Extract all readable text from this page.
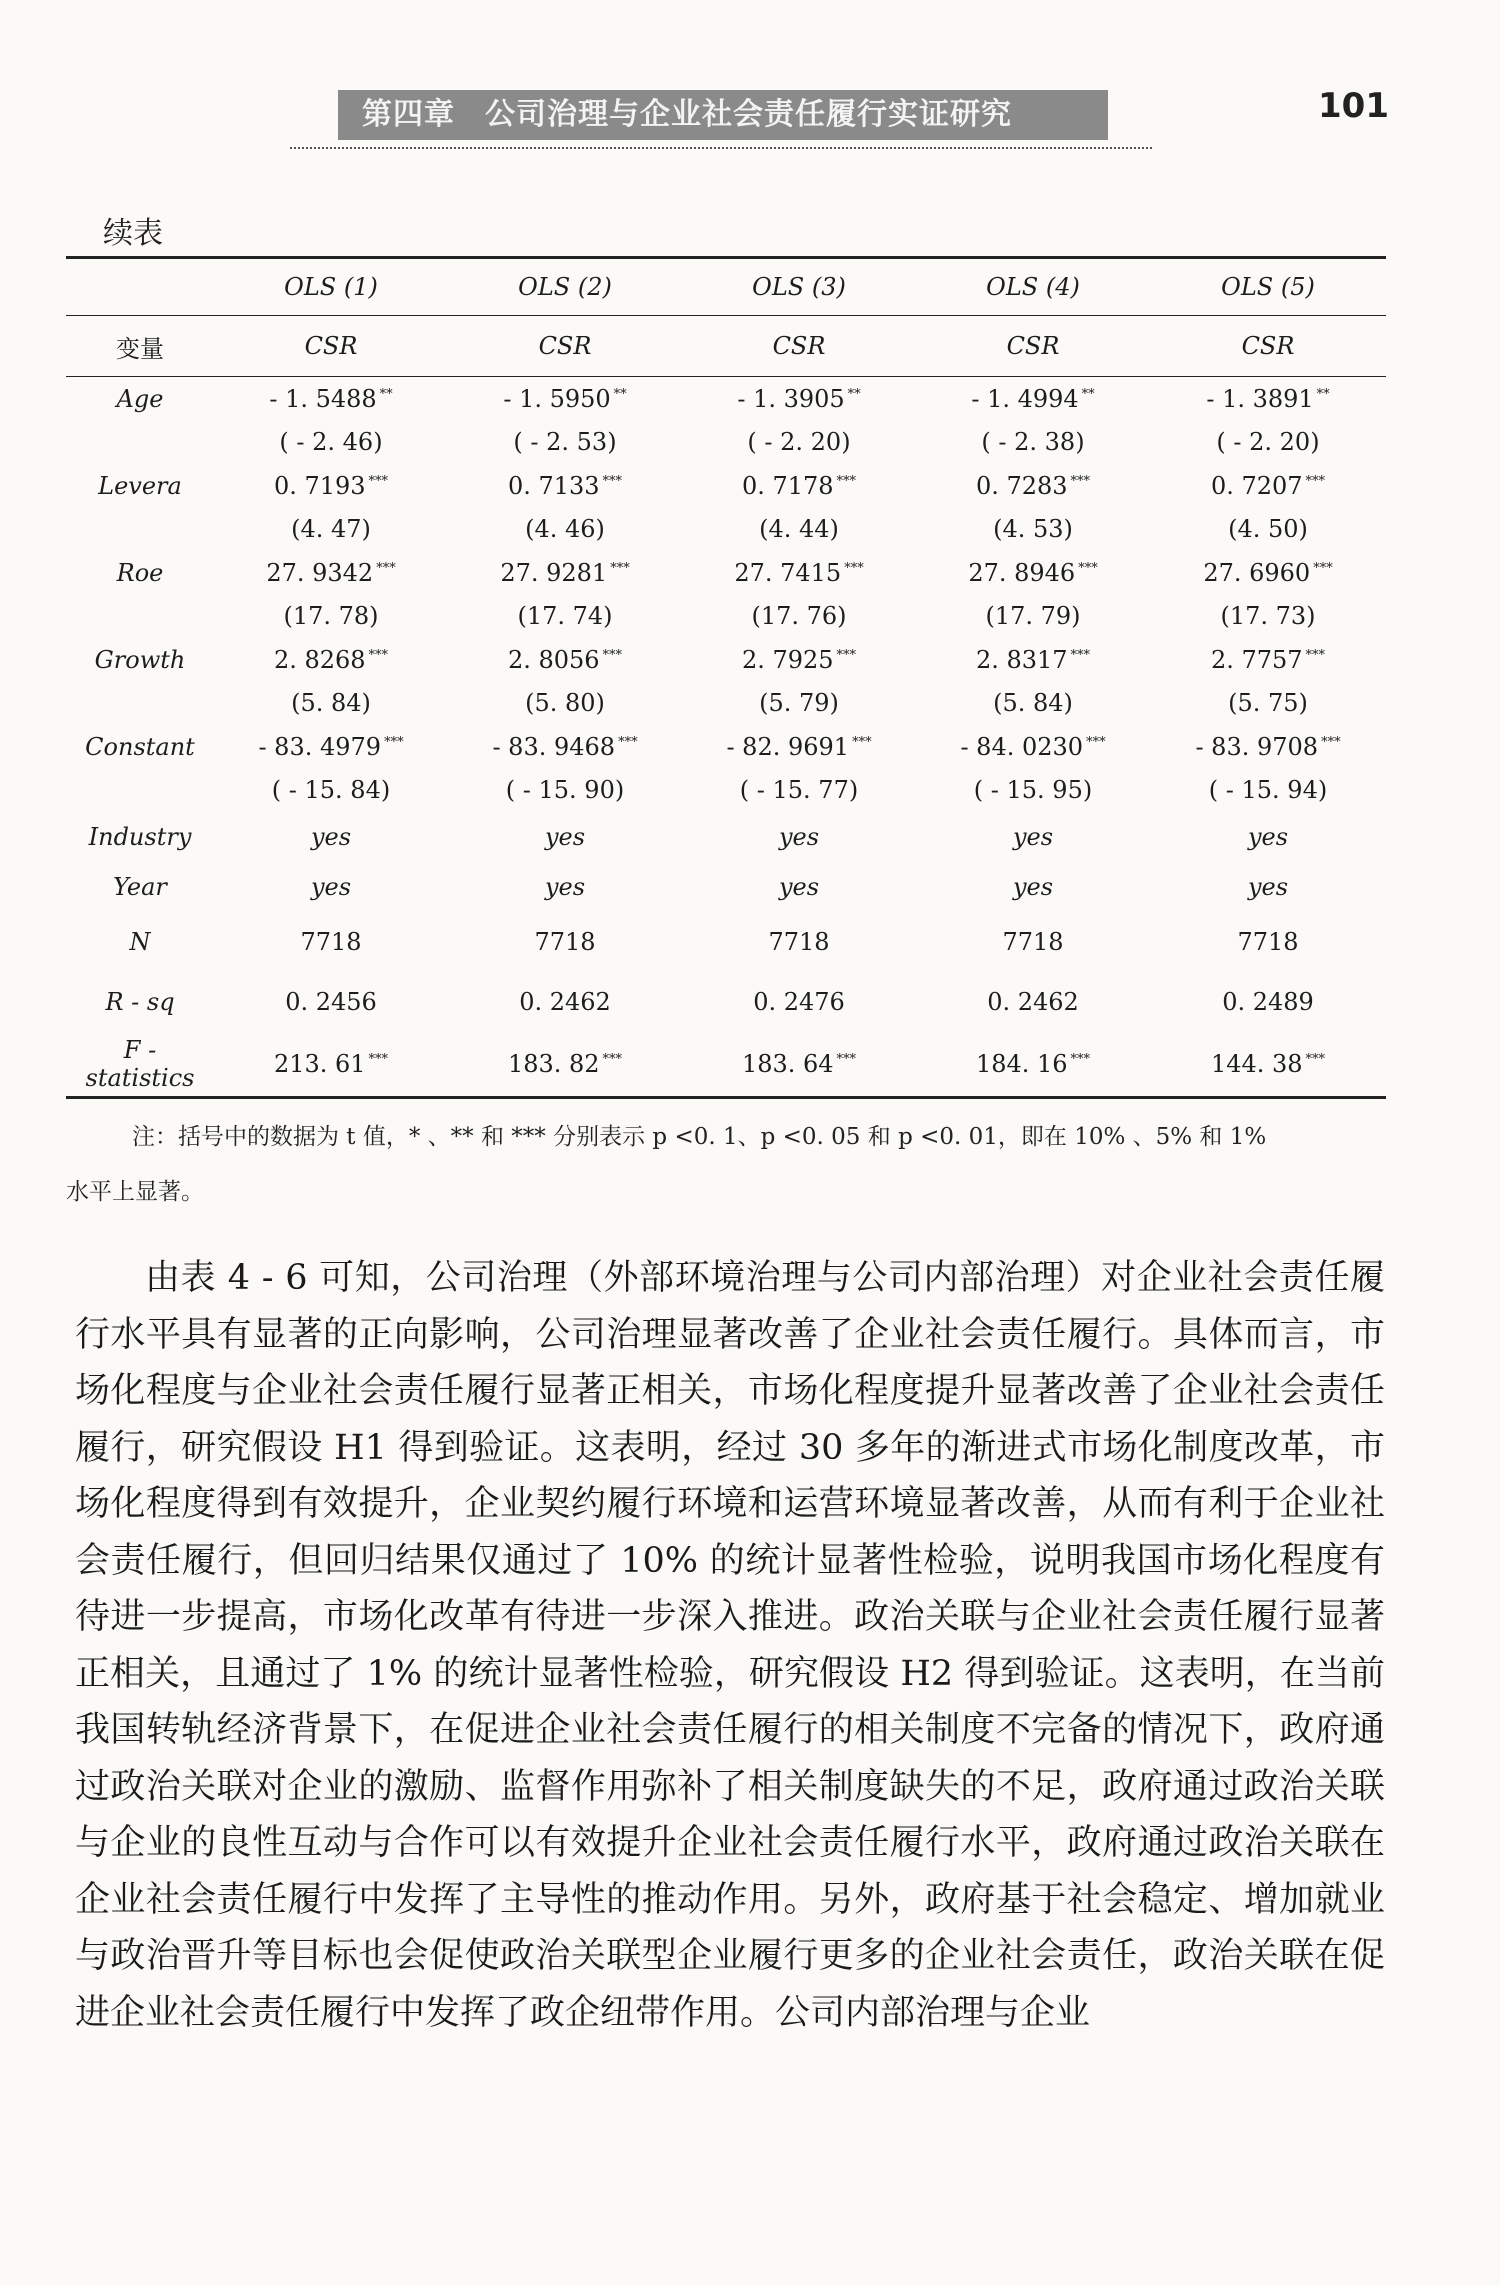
第四章 公司治理与企业社会责任履行实证研究	101
续表
	OLS (1)	OLS (2)	OLS (3)	OLS (4)	OLS (5)
变量	CSR	CSR	CSR	CSR	CSR
Age	- 1. 5488 **	- 1. 5950 **	- 1. 3905 **	- 1. 4994 **	- 1. 3891 **
	( - 2. 46)	( - 2. 53)	( - 2. 20)	( - 2. 38)	( - 2. 20)
Levera	0. 7193 ***	0. 7133 ***	0. 7178 ***	0. 7283 ***	0. 7207 ***
	(4. 47)	(4. 46)	(4. 44)	(4. 53)	(4. 50)
Roe	27. 9342 ***	27. 9281 ***	27. 7415 ***	27. 8946 ***	27. 6960 ***
	(17. 78)	(17. 74)	(17. 76)	(17. 79)	(17. 73)
Growth	2. 8268 ***	2. 8056 ***	2. 7925 ***	2. 8317 ***	2. 7757 ***
	(5. 84)	(5. 80)	(5. 79)	(5. 84)	(5. 75)
Constant	- 83. 4979 ***	- 83. 9468 ***	- 82. 9691 ***	- 84. 0230 ***	- 83. 9708 ***
	( - 15. 84)	( - 15. 90)	( - 15. 77)	( - 15. 95)	( - 15. 94)
Industry	yes	yes	yes	yes	yes
Year	yes	yes	yes	yes	yes
N	7718	7718	7718	7718	7718
R - sq	0. 2456	0. 2462	0. 2476	0. 2462	0. 2489
F - statistics	213. 61 ***	183. 82 ***	183. 64 ***	184. 16 ***	144. 38 ***
注：括号中的数据为 t 值，* 、** 和 *** 分别表示 p <0. 1、p <0. 05 和 p <0. 01，即在 10% 、5% 和 1%
水平上显著。
由表 4 - 6 可知，公司治理（外部环境治理与公司内部治理）对企业社会责任履行水平具有显著的正向影响，公司治理显著改善了企业社会责任履行。具体而言，市场化程度与企业社会责任履行显著正相关，市场化程度提升显著改善了企业社会责任履行，研究假设 H1 得到验证。这表明，经过 30 多年的渐进式市场化制度改革，市场化程度得到有效提升，企业契约履行环境和运营环境显著改善，从而有利于企业社会责任履行，但回归结果仅通过了 10% 的统计显著性检验，说明我国市场化程度有待进一步提高，市场化改革有待进一步深入推进。政治关联与企业社会责任履行显著正相关，且通过了 1% 的统计显著性检验，研究假设 H2 得到验证。这表明，在当前我国转轨经济背景下，在促进企业社会责任履行的相关制度不完备的情况下，政府通过政治关联对企业的激励、监督作用弥补了相关制度缺失的不足，政府通过政治关联与企业的良性互动与合作可以有效提升企业社会责任履行水平，政府通过政治关联在企业社会责任履行中发挥了主导性的推动作用。另外，政府基于社会稳定、增加就业与政治晋升等目标也会促使政治关联型企业履行更多的企业社会责任，政治关联在促进企业社会责任履行中发挥了政企纽带作用。公司内部治理与企业
